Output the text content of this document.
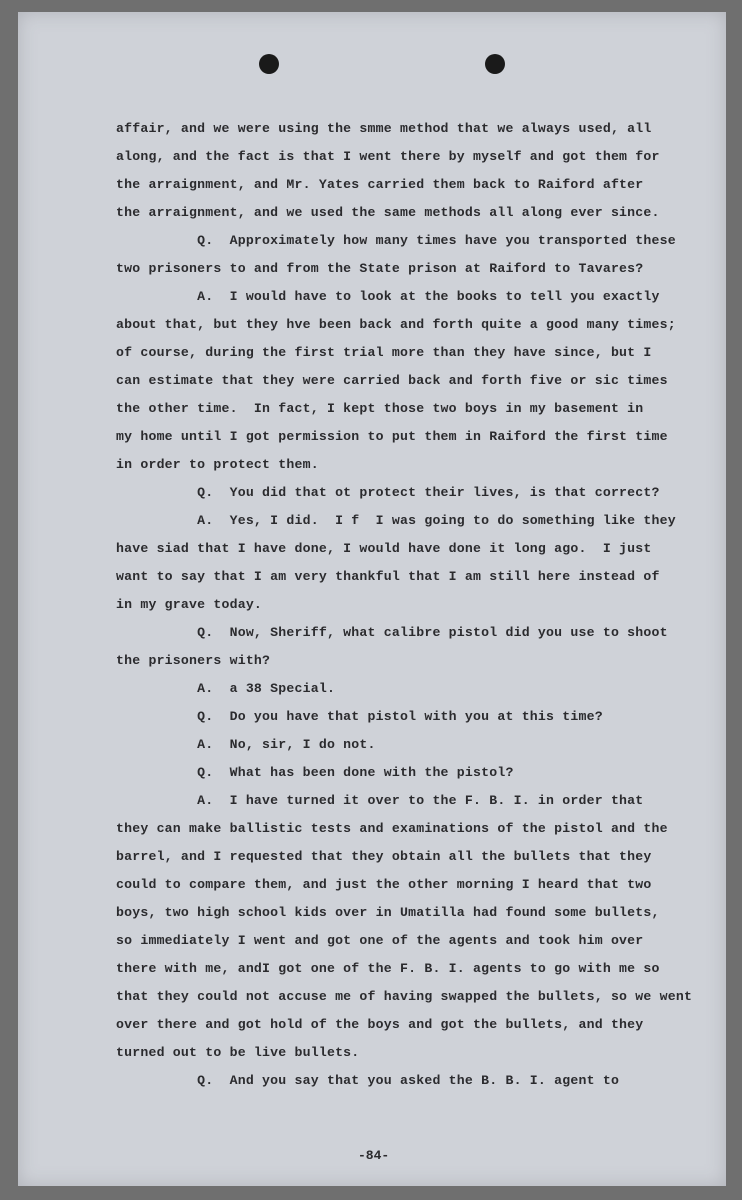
affair, and we were using the smme method that we always used, all

along, and the fact is that I went there by myself and got them for

the arraignment, and Mr. Yates carried them back to Raiford after

the arraignment, and we used the same methods all along ever since.

Q.  Approximately how many times have you transported these

two prisoners to and from the State prison at Raiford to Tavares?

A.  I would have to look at the books to tell you exactly

about that, but they hve been back and forth quite a good many times;

of course, during the first trial more than they have since, but I

can estimate that they were carried back and forth five or sic times

the other time.  In fact, I kept those two boys in my basement in

my home until I got permission to put them in Raiford the first time

in order to protect them.

Q.  You did that ot protect their lives, is that correct?

A.  Yes, I did.  I f  I was going to do something like they

have siad that I have done, I would have done it long ago.  I just

want to say that I am very thankful that I am still here instead of

in my grave today.

Q.  Now, Sheriff, what calibre pistol did you use to shoot

the prisoners with?

A.  a 38 Special.

Q.  Do you have that pistol with you at this time?

A.  No, sir, I do not.

Q.  What has been done with the pistol?

A.  I have turned it over to the F. B. I. in order that

they can make ballistic tests and examinations of the pistol and the

barrel, and I requested that they obtain all the bullets that they

could to compare them, and just the other morning I heard that two

boys, two high school kids over in Umatilla had found some bullets,

so immediately I went and got one of the agents and took him over

there with me, andI got one of the F. B. I. agents to go with me so

that they could not accuse me of having swapped the bullets, so we went

over there and got hold of the boys and got the bullets, and they

turned out to be live bullets.

Q.  And you say that you asked the B. B. I. agent to

-84-
